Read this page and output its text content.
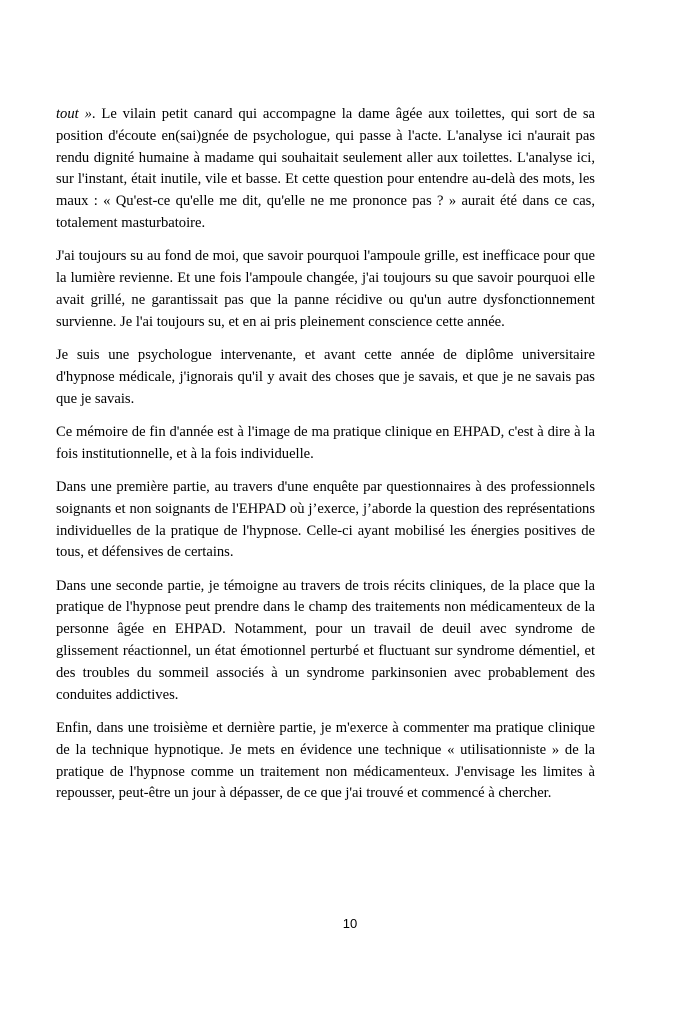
tout ». Le vilain petit canard qui accompagne la dame âgée aux toilettes, qui sort de sa position d'écoute en(sai)gnée de psychologue, qui passe à l'acte. L'analyse ici n'aurait pas rendu dignité humaine à madame qui souhaitait seulement aller aux toilettes. L'analyse ici, sur l'instant, était inutile, vile et basse. Et cette question pour entendre au-delà des mots, les maux : « Qu'est-ce qu'elle me dit, qu'elle ne me prononce pas ? » aurait été dans ce cas, totalement masturbatoire.

J'ai toujours su au fond de moi, que savoir pourquoi l'ampoule grille, est inefficace pour que la lumière revienne. Et une fois l'ampoule changée, j'ai toujours su que savoir pourquoi elle avait grillé, ne garantissait pas que la panne récidive ou qu'un autre dysfonctionnement survienne. Je l'ai toujours su, et en ai pris pleinement conscience cette année.

Je suis une psychologue intervenante, et avant cette année de diplôme universitaire d'hypnose médicale, j'ignorais qu'il y avait des choses que je savais, et que je ne savais pas que je savais.

Ce mémoire de fin d'année est à l'image de ma pratique clinique en EHPAD, c'est à dire à la fois institutionnelle, et à la fois individuelle.

Dans une première partie, au travers d'une enquête par questionnaires à des professionnels soignants et non soignants de l'EHPAD où j’exerce, j’aborde la question des représentations individuelles de la pratique de l'hypnose. Celle-ci ayant mobilisé les énergies positives de tous, et défensives de certains.

Dans une seconde partie, je témoigne au travers de trois récits cliniques, de la place que la pratique de l'hypnose peut prendre dans le champ des traitements non médicamenteux de la personne âgée en EHPAD. Notamment, pour un travail de deuil avec syndrome de glissement réactionnel, un état émotionnel perturbé et fluctuant sur syndrome démentiel, et des troubles du sommeil associés à un syndrome parkinsonien avec probablement des conduites addictives.

Enfin, dans une troisième et dernière partie, je m'exerce à commenter ma pratique clinique de la technique hypnotique. Je mets en évidence une technique « utilisationniste » de la pratique de l'hypnose comme un traitement non médicamenteux. J'envisage les limites à repousser, peut-être un jour à dépasser, de ce que j'ai trouvé et commencé à chercher.

10
